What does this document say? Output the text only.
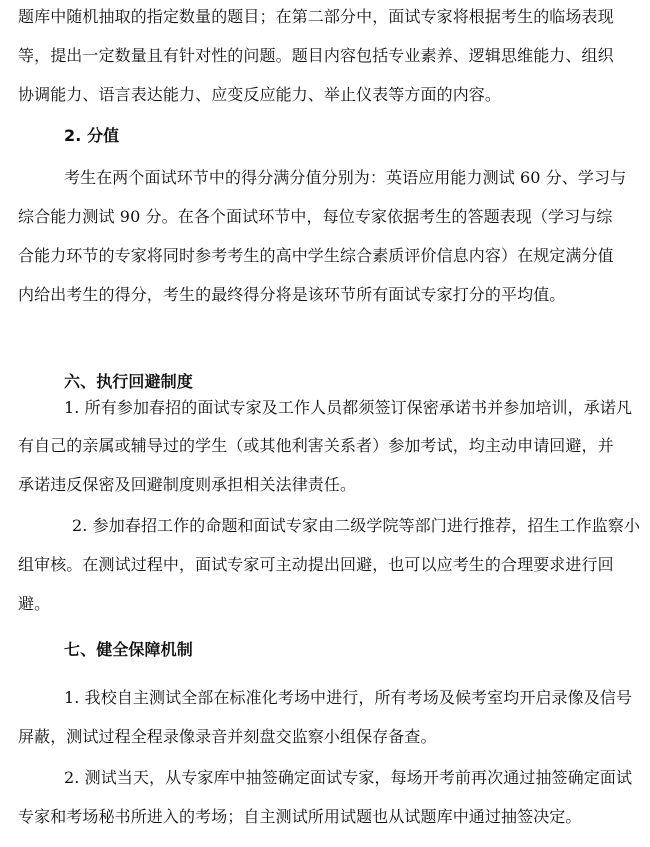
题库中随机抽取的指定数量的题目；在第二部分中，面试专家将根据考生的临场表现
等，提出一定数量且有针对性的问题。题目内容包括专业素养、逻辑思维能力、组织
协调能力、语言表达能力、应变反应能力、举止仪表等方面的内容。
2. 分值
考生在两个面试环节中的得分满分值分别为：英语应用能力测试 60 分、学习与
综合能力测试 90 分。在各个面试环节中，每位专家依据考生的答题表现（学习与综
合能力环节的专家将同时参考考生的高中学生综合素质评价信息内容）在规定满分值
内给出考生的得分，考生的最终得分将是该环节所有面试专家打分的平均值。
六、执行回避制度
1. 所有参加春招的面试专家及工作人员都须签订保密承诺书并参加培训，承诺凡
有自己的亲属或辅导过的学生（或其他利害关系者）参加考试，均主动申请回避，并
承诺违反保密及回避制度则承担相关法律责任。
2. 参加春招工作的命题和面试专家由二级学院等部门进行推荐，招生工作监察小
组审核。在测试过程中，面试专家可主动提出回避，也可以应考生的合理要求进行回
避。
七、健全保障机制
1. 我校自主测试全部在标准化考场中进行，所有考场及候考室均开启录像及信号
屏蔽，测试过程全程录像录音并刻盘交监察小组保存备查。
2. 测试当天，从专家库中抽签确定面试专家，每场开考前再次通过抽签确定面试
专家和考场秘书所进入的考场；自主测试所用试题也从试题库中通过抽签决定。
